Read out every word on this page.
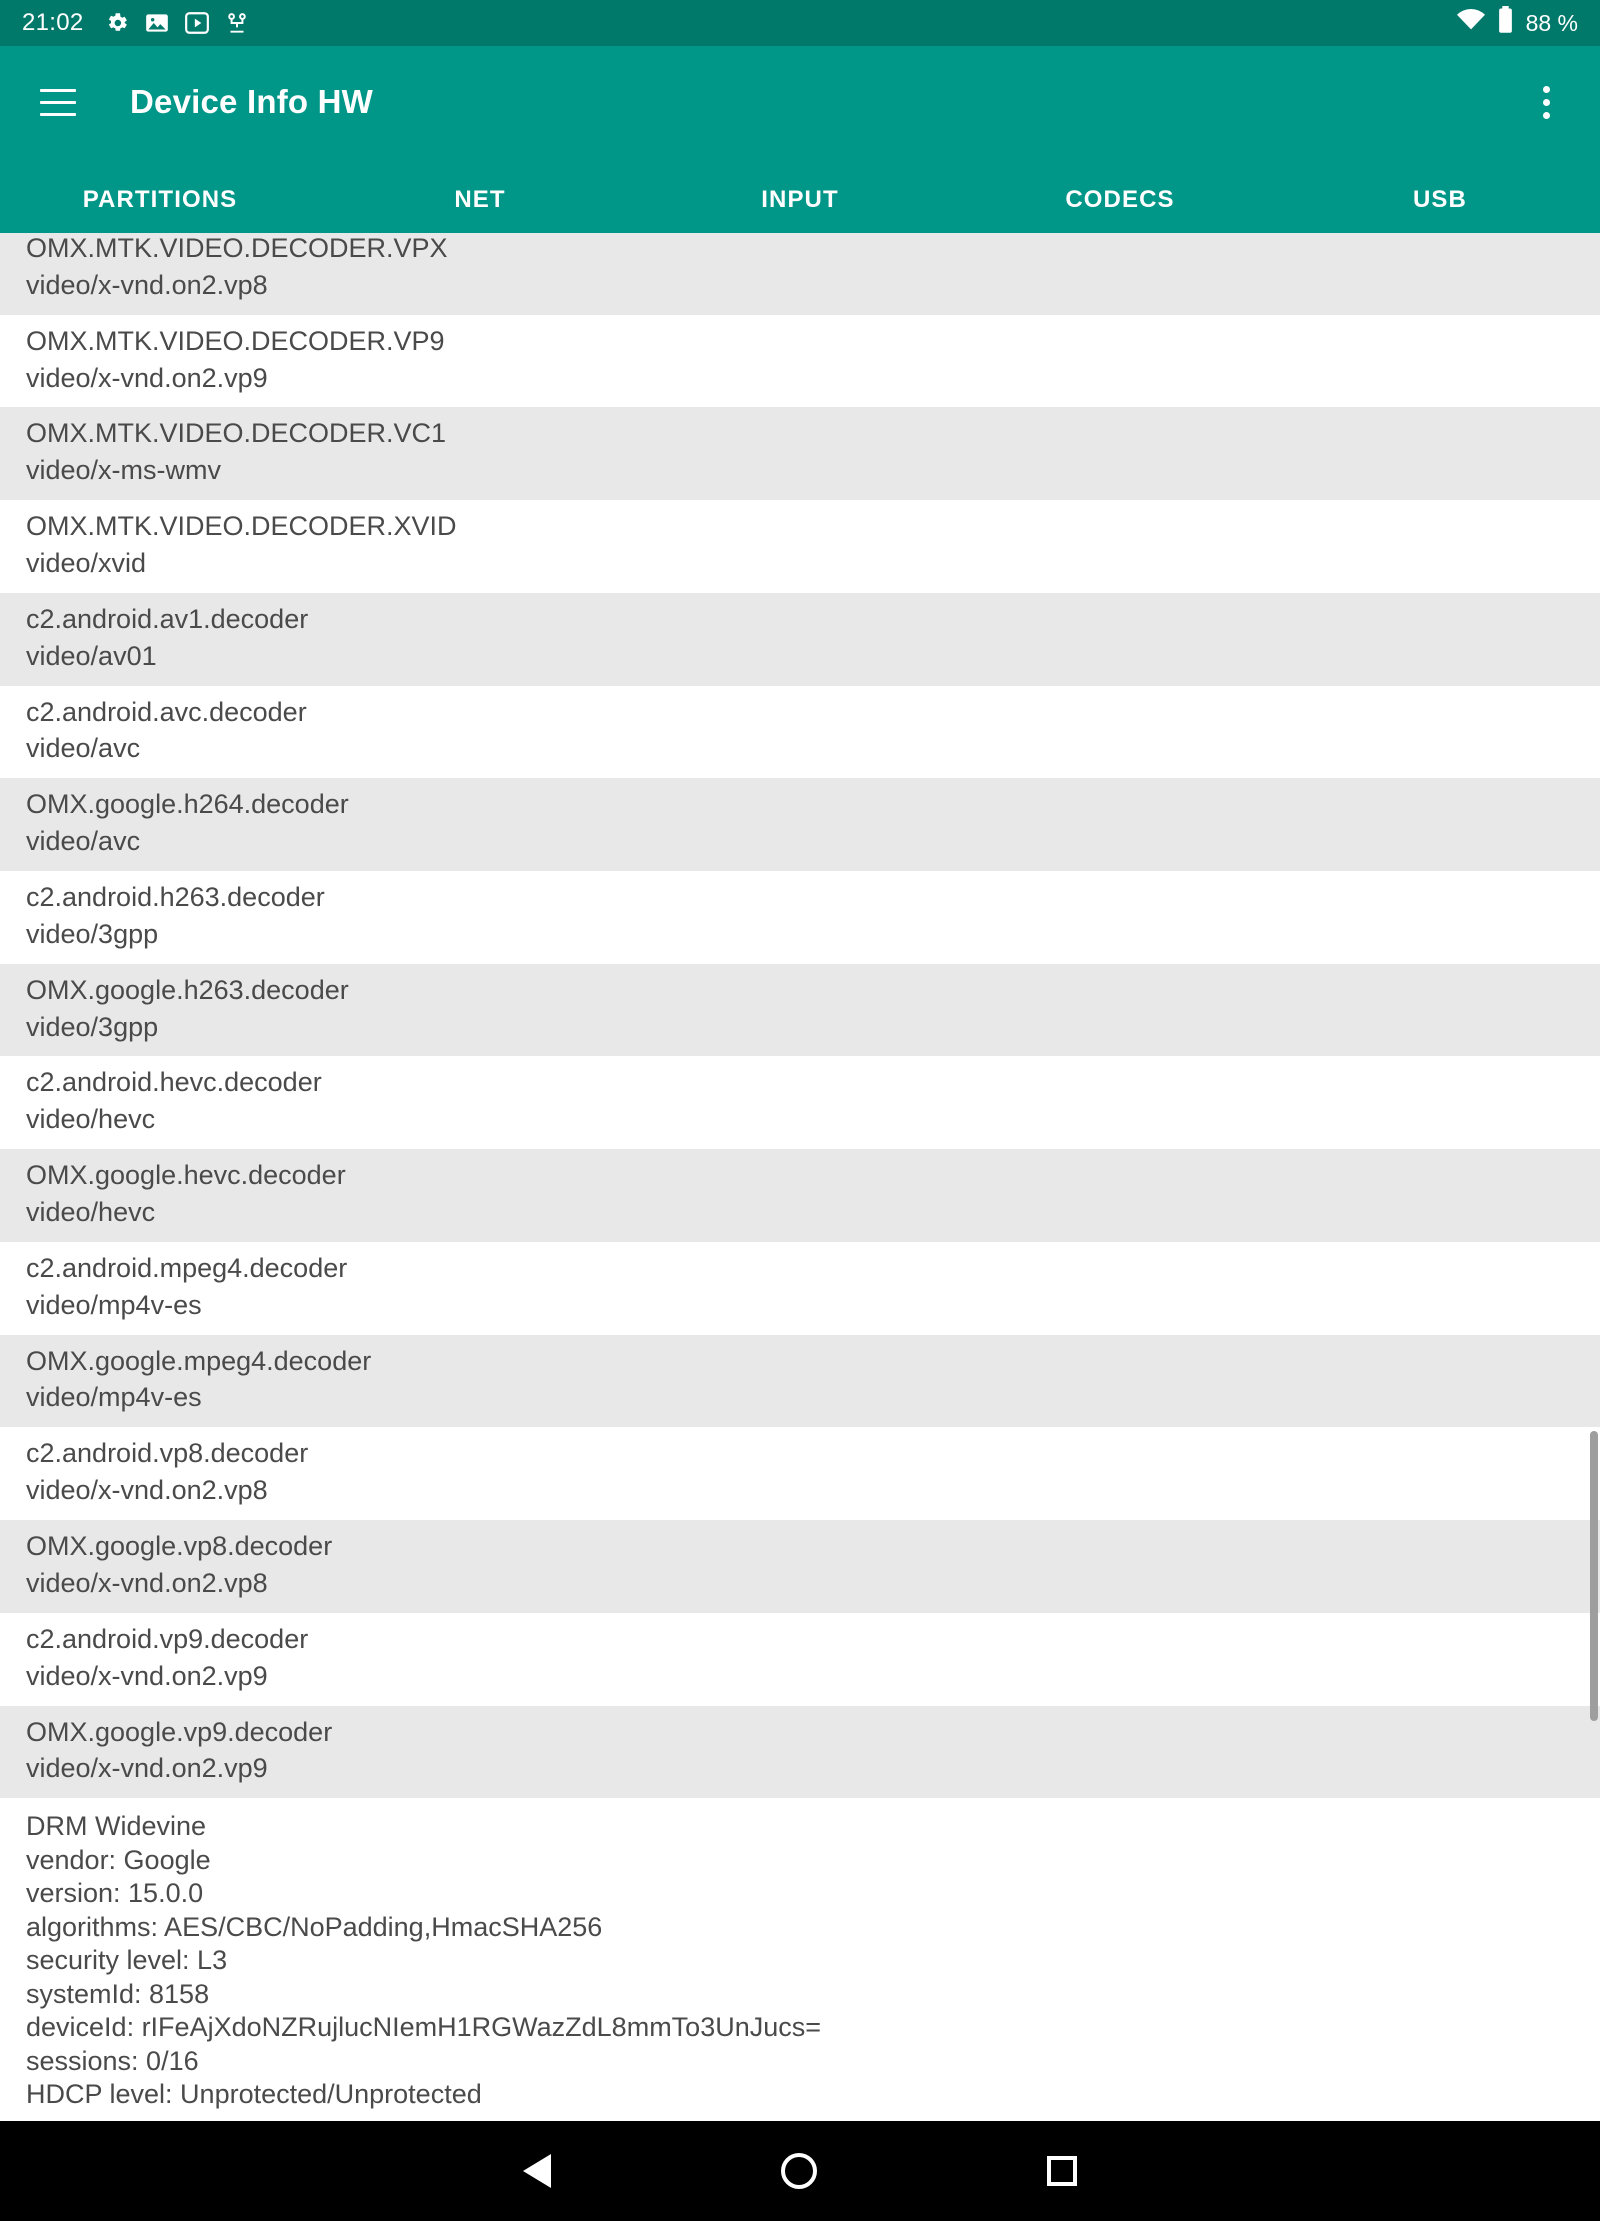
21:02	88 %
Device Info HW
PARTITIONS	NET	INPUT	CODECS	USB
OMX.MTK.VIDEO.DECODER.VPX
video/x-vnd.on2.vp8
OMX.MTK.VIDEO.DECODER.VP9
video/x-vnd.on2.vp9
OMX.MTK.VIDEO.DECODER.VC1
video/x-ms-wmv
OMX.MTK.VIDEO.DECODER.XVID
video/xvid
c2.android.av1.decoder
video/av01
c2.android.avc.decoder
video/avc
OMX.google.h264.decoder
video/avc
c2.android.h263.decoder
video/3gpp
OMX.google.h263.decoder
video/3gpp
c2.android.hevc.decoder
video/hevc
OMX.google.hevc.decoder
video/hevc
c2.android.mpeg4.decoder
video/mp4v-es
OMX.google.mpeg4.decoder
video/mp4v-es
c2.android.vp8.decoder
video/x-vnd.on2.vp8
OMX.google.vp8.decoder
video/x-vnd.on2.vp8
c2.android.vp9.decoder
video/x-vnd.on2.vp9
OMX.google.vp9.decoder
video/x-vnd.on2.vp9
DRM Widevine
vendor: Google
version: 15.0.0
algorithms: AES/CBC/NoPadding,HmacSHA256
security level: L3
systemId: 8158
deviceId: rIFeAjXdoNZRujlucNIemH1RGWazZdL8mmTo3UnJucs=
sessions: 0/16
HDCP level: Unprotected/Unprotected
